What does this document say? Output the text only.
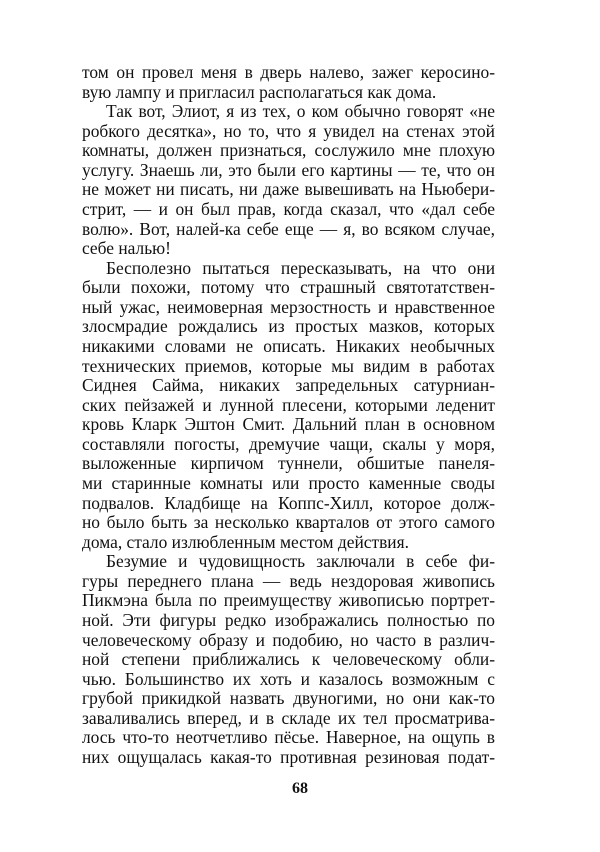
том он провел меня в дверь налево, зажег керосино-
вую лампу и пригласил располагаться как дома.
Так вот, Элиот, я из тех, о ком обычно говорят «не
робкого десятка», но то, что я увидел на стенах этой
комнаты, должен признаться, сослужило мне плохую
услугу. Знаешь ли, это были его картины — те, что он
не может ни писать, ни даже вывешивать на Ньюбери-
стрит, — и он был прав, когда сказал, что «дал себе
волю». Вот, налей-ка себе еще — я, во всяком случае,
себе налью!
Бесполезно пытаться пересказывать, на что они
были похожи, потому что страшный святотатствен-
ный ужас, неимоверная мерзостность и нравственное
злосмрадие рождались из простых мазков, которых
никакими словами не описать. Никаких необычных
технических приемов, которые мы видим в работах
Сиднея Сайма, никаких запредельных сатурниан-
ских пейзажей и лунной плесени, которыми леденит
кровь Кларк Эштон Смит. Дальний план в основном
составляли погосты, дремучие чащи, скалы у моря,
выложенные кирпичом туннели, обшитые панеля-
ми старинные комнаты или просто каменные своды
подвалов. Кладбище на Коппс-Хилл, которое долж-
но было быть за несколько кварталов от этого самого
дома, стало излюбленным местом действия.
Безумие и чудовищность заключали в себе фи-
гуры переднего плана — ведь нездоровая живопись
Пикмэна была по преимуществу живописью портрет-
ной. Эти фигуры редко изображались полностью по
человеческому образу и подобию, но часто в различ-
ной степени приближались к человеческому обли-
чью. Большинство их хоть и казалось возможным с
грубой прикидкой назвать двуногими, но они как-то
заваливались вперед, и в складе их тел просматрива-
лось что-то неотчетливо пёсье. Наверное, на ощупь в
них ощущалась какая-то противная резиновая подат-
68
